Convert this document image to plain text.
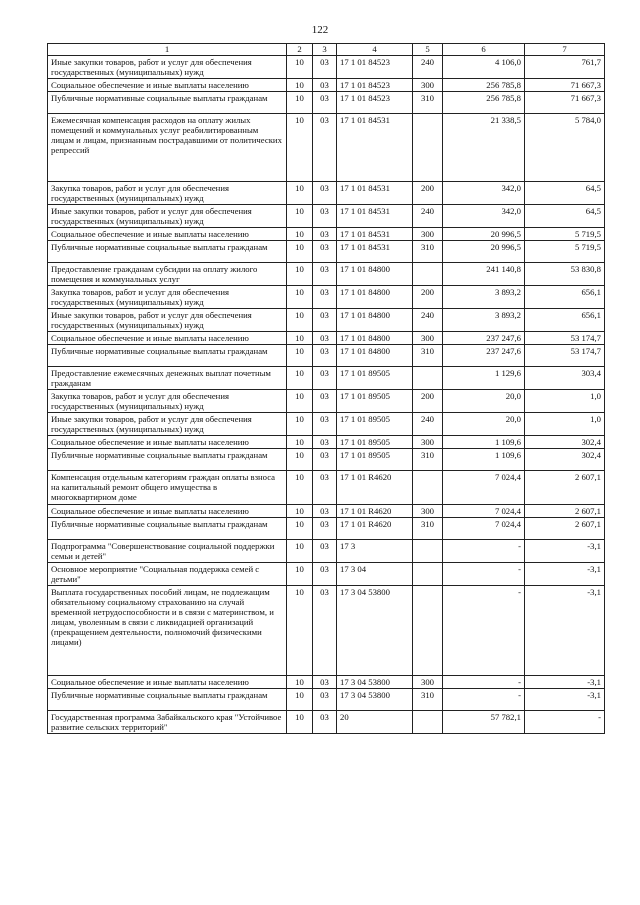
122
1	2	3	4	5	6	7
Иные закупки товаров, работ и услуг для обеспечения государственных (муниципальных) нужд	10	03	17 1 01 84523	240	4 106,0	761,7
Социальное обеспечение и иные выплаты населению	10	03	17 1 01 84523	300	256 785,8	71 667,3
Публичные нормативные социальные выплаты гражданам	10	03	17 1 01 84523	310	256 785,8	71 667,3
Ежемесячная компенсация расходов на оплату жилых помещений и коммунальных услуг реабилитированным лицам и лицам, признанным пострадавшими от политических репрессий	10	03	17 1 01 84531		21 338,5	5 784,0
Закупка товаров, работ и услуг для обеспечения государственных (муниципальных) нужд	10	03	17 1 01 84531	200	342,0	64,5
Иные закупки товаров, работ и услуг для обеспечения государственных (муниципальных) нужд	10	03	17 1 01 84531	240	342,0	64,5
Социальное обеспечение и иные выплаты населению	10	03	17 1 01 84531	300	20 996,5	5 719,5
Публичные нормативные социальные выплаты гражданам	10	03	17 1 01 84531	310	20 996,5	5 719,5
Предоставление гражданам субсидии на оплату жилого помещения и коммунальных услуг	10	03	17 1 01 84800		241 140,8	53 830,8
Закупка товаров, работ и услуг для обеспечения государственных (муниципальных) нужд	10	03	17 1 01 84800	200	3 893,2	656,1
Иные закупки товаров, работ и услуг для обеспечения государственных (муниципальных) нужд	10	03	17 1 01 84800	240	3 893,2	656,1
Социальное обеспечение и иные выплаты населению	10	03	17 1 01 84800	300	237 247,6	53 174,7
Публичные нормативные социальные выплаты гражданам	10	03	17 1 01 84800	310	237 247,6	53 174,7
Предоставление ежемесячных денежных выплат почетным гражданам	10	03	17 1 01 89505		1 129,6	303,4
Закупка товаров, работ и услуг для обеспечения государственных (муниципальных) нужд	10	03	17 1 01 89505	200	20,0	1,0
Иные закупки товаров, работ и услуг для обеспечения государственных (муниципальных) нужд	10	03	17 1 01 89505	240	20,0	1,0
Социальное обеспечение и иные выплаты населению	10	03	17 1 01 89505	300	1 109,6	302,4
Публичные нормативные социальные выплаты гражданам	10	03	17 1 01 89505	310	1 109,6	302,4
Компенсация отдельным категориям граждан оплаты взноса на капитальный ремонт общего имущества в многоквартирном доме	10	03	17 1 01 R4620		7 024,4	2 607,1
Социальное обеспечение и иные выплаты населению	10	03	17 1 01 R4620	300	7 024,4	2 607,1
Публичные нормативные социальные выплаты гражданам	10	03	17 1 01 R4620	310	7 024,4	2 607,1
Подпрограмма "Совершенствование социальной поддержки семьи и детей"	10	03	17 3		-	-3,1
Основное мероприятие "Социальная поддержка семей с детьми"	10	03	17 3 04		-	-3,1
Выплата государственных пособий лицам, не подлежащим обязательному социальному страхованию на случай временной нетрудоспособности и в связи с материнством, и лицам, уволенным в связи с ликвидацией организаций (прекращением деятельности, полномочий физическими лицами)	10	03	17 3 04 53800		-	-3,1
Социальное обеспечение и иные выплаты населению	10	03	17 3 04 53800	300	-	-3,1
Публичные нормативные социальные выплаты гражданам	10	03	17 3 04 53800	310	-	-3,1
Государственная программа Забайкальского края "Устойчивое развитие сельских территорий"	10	03	20		57 782,1	-
